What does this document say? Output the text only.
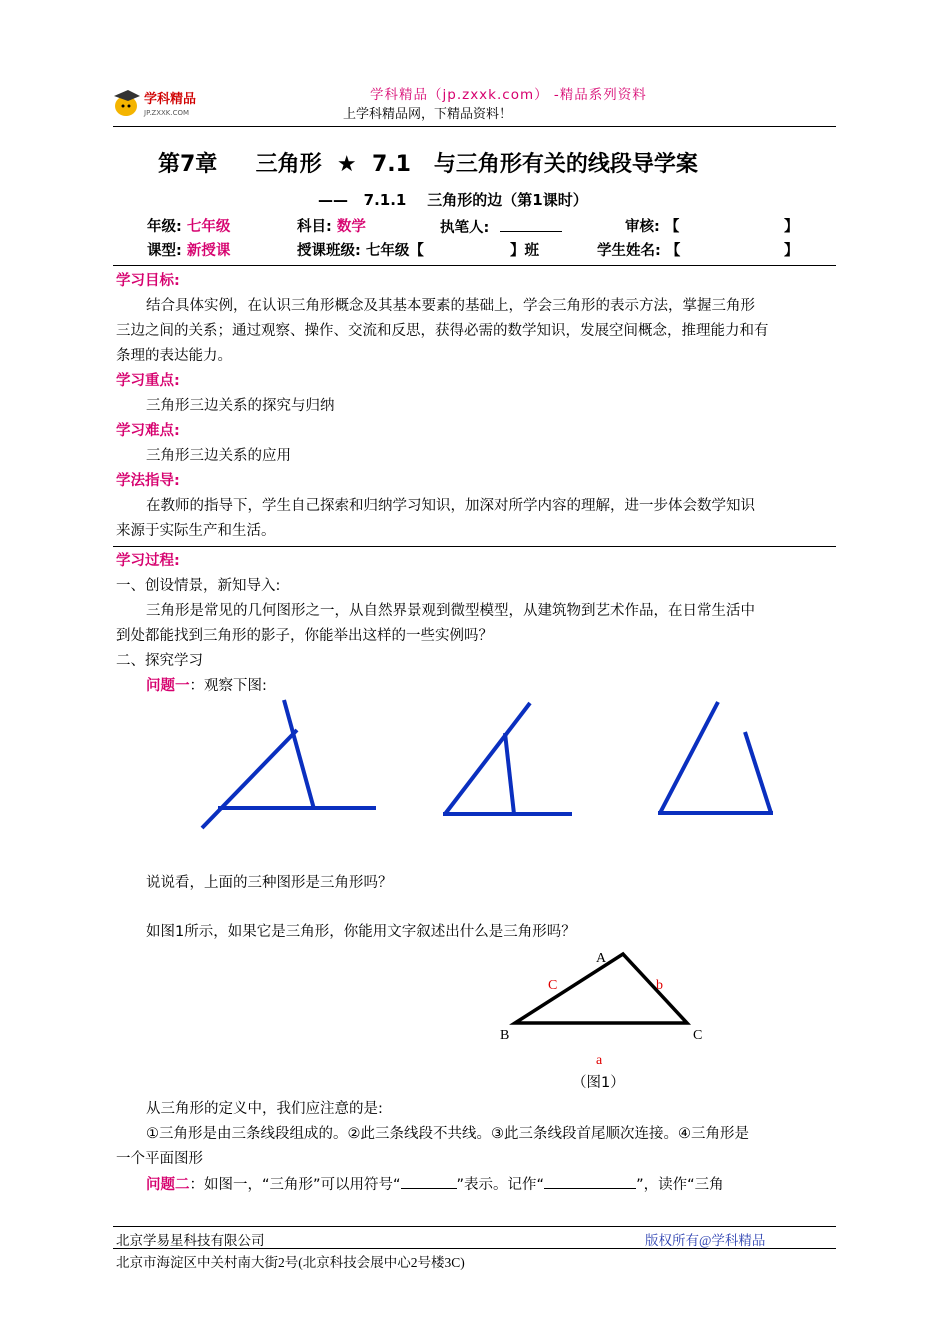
学科精品
JP.ZXXK.COM
学科精品（jp.zxxk.com） -精品系列资料
上学科精品网，下精品资料！
第7章     三角形  ★  7.1   与三角形有关的线段导学案
——   7.1.1    三角形的边（第1课时）
年级: 七年级	科目: 数学	执笔人:	审核: 【	】
课型: 新授课	授课班级: 七年级【	】班	学生姓名: 【	】
学习目标:
结合具体实例，在认识三角形概念及其基本要素的基础上，学会三角形的表示方法，掌握三角形
三边之间的关系；通过观察、操作、交流和反思，获得必需的数学知识，发展空间概念，推理能力和有
条理的表达能力。
学习重点:
三角形三边关系的探究与归纳
学习难点:
三角形三边关系的应用
学法指导:
在教师的指导下，学生自己探索和归纳学习知识，加深对所学内容的理解，进一步体会数学知识
来源于实际生产和生活。
学习过程:
一、创设情景，新知导入:
三角形是常见的几何图形之一，从自然界景观到微型模型，从建筑物到艺术作品，在日常生活中
到处都能找到三角形的影子，你能举出这样的一些实例吗？
二、探究学习
问题一：观察下图:
说说看，上面的三种图形是三角形吗？
如图1所示，如果它是三角形，你能用文字叙述出什么是三角形吗？
A
B	C
C	b
a
（图1）
从三角形的定义中，我们应注意的是:
①三角形是由三条线段组成的。②此三条线段不共线。③此三条线段首尾顺次连接。④三角形是
一个平面图形
问题二：如图一，“三角形”可以用符号“	”表示。记作“	”，读作“三角
北京学易星科技有限公司	版权所有@学科精品
北京市海淀区中关村南大街2号(北京科技会展中心2号楼3C)
